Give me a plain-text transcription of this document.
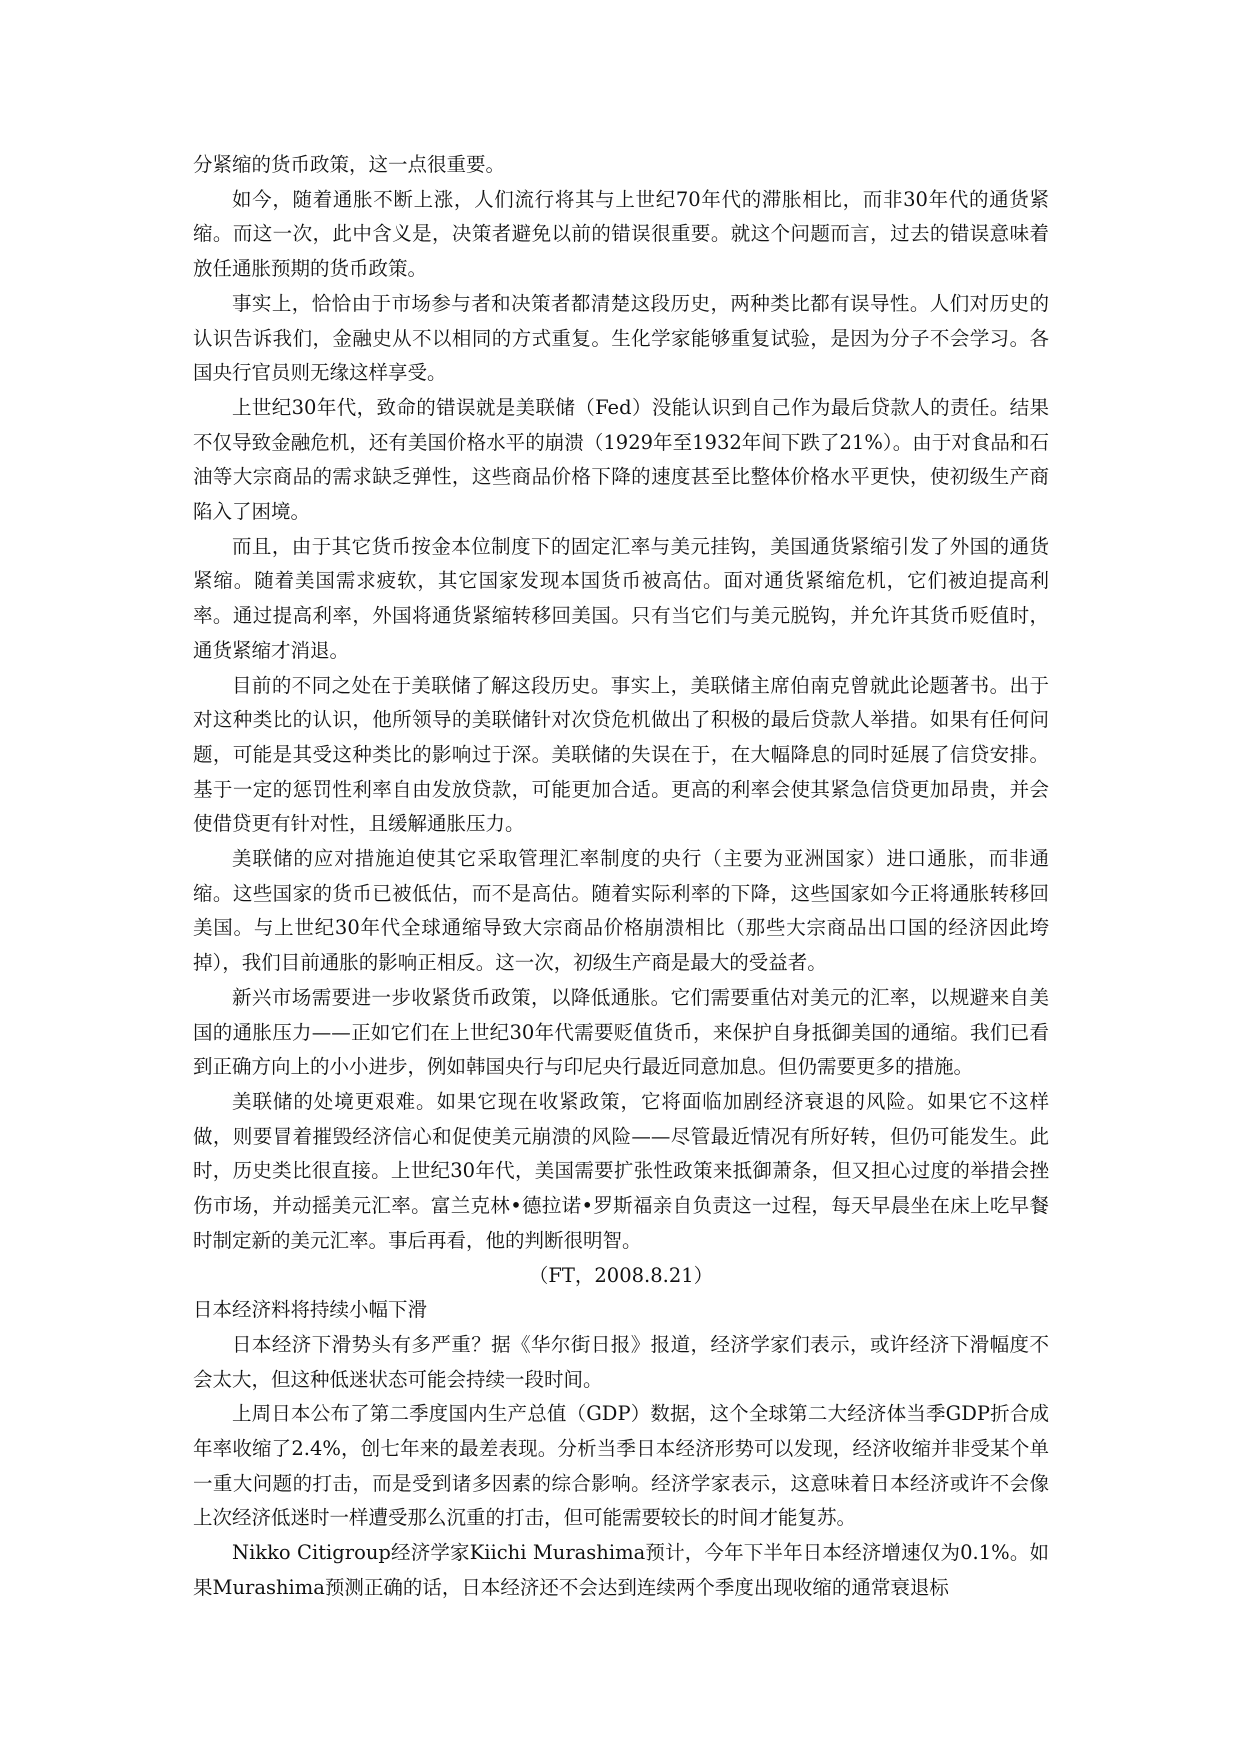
分紧缩的货币政策，这一点很重要。

如今，随着通胀不断上涨，人们流行将其与上世纪70年代的滞胀相比，而非30年代的通货紧缩。而这一次，此中含义是，决策者避免以前的错误很重要。就这个问题而言，过去的错误意味着放任通胀预期的货币政策。

事实上，恰恰由于市场参与者和决策者都清楚这段历史，两种类比都有误导性。人们对历史的认识告诉我们，金融史从不以相同的方式重复。生化学家能够重复试验，是因为分子不会学习。各国央行官员则无缘这样享受。

上世纪30年代，致命的错误就是美联储（Fed）没能认识到自己作为最后贷款人的责任。结果不仅导致金融危机，还有美国价格水平的崩溃（1929年至1932年间下跌了21%）。由于对食品和石油等大宗商品的需求缺乏弹性，这些商品价格下降的速度甚至比整体价格水平更快，使初级生产商陷入了困境。

而且，由于其它货币按金本位制度下的固定汇率与美元挂钩，美国通货紧缩引发了外国的通货紧缩。随着美国需求疲软，其它国家发现本国货币被高估。面对通货紧缩危机，它们被迫提高利率。通过提高利率，外国将通货紧缩转移回美国。只有当它们与美元脱钩，并允许其货币贬值时，通货紧缩才消退。

目前的不同之处在于美联储了解这段历史。事实上，美联储主席伯南克曾就此论题著书。出于对这种类比的认识，他所领导的美联储针对次贷危机做出了积极的最后贷款人举措。如果有任何问题，可能是其受这种类比的影响过于深。美联储的失误在于，在大幅降息的同时延展了信贷安排。基于一定的惩罚性利率自由发放贷款，可能更加合适。更高的利率会使其紧急信贷更加昂贵，并会使借贷更有针对性，且缓解通胀压力。

美联储的应对措施迫使其它采取管理汇率制度的央行（主要为亚洲国家）进口通胀，而非通缩。这些国家的货币已被低估，而不是高估。随着实际利率的下降，这些国家如今正将通胀转移回美国。与上世纪30年代全球通缩导致大宗商品价格崩溃相比（那些大宗商品出口国的经济因此垮掉），我们目前通胀的影响正相反。这一次，初级生产商是最大的受益者。

新兴市场需要进一步收紧货币政策，以降低通胀。它们需要重估对美元的汇率，以规避来自美国的通胀压力——正如它们在上世纪30年代需要贬值货币，来保护自身抵御美国的通缩。我们已看到正确方向上的小小进步，例如韩国央行与印尼央行最近同意加息。但仍需要更多的措施。

美联储的处境更艰难。如果它现在收紧政策，它将面临加剧经济衰退的风险。如果它不这样做，则要冒着摧毁经济信心和促使美元崩溃的风险——尽管最近情况有所好转，但仍可能发生。此时，历史类比很直接。上世纪30年代，美国需要扩张性政策来抵御萧条，但又担心过度的举措会挫伤市场，并动摇美元汇率。富兰克林•德拉诺•罗斯福亲自负责这一过程，每天早晨坐在床上吃早餐时制定新的美元汇率。事后再看，他的判断很明智。

（FT，2008.8.21）

日本经济料将持续小幅下滑

日本经济下滑势头有多严重？据《华尔街日报》报道，经济学家们表示，或许经济下滑幅度不会太大，但这种低迷状态可能会持续一段时间。

上周日本公布了第二季度国内生产总值（GDP）数据，这个全球第二大经济体当季GDP折合成年率收缩了2.4%，创七年来的最差表现。分析当季日本经济形势可以发现，经济收缩并非受某个单一重大问题的打击，而是受到诸多因素的综合影响。经济学家表示，这意味着日本经济或许不会像上次经济低迷时一样遭受那么沉重的打击，但可能需要较长的时间才能复苏。

Nikko Citigroup经济学家Kiichi Murashima预计，今年下半年日本经济增速仅为0.1%。如果Murashima预测正确的话，日本经济还不会达到连续两个季度出现收缩的通常衰退标
